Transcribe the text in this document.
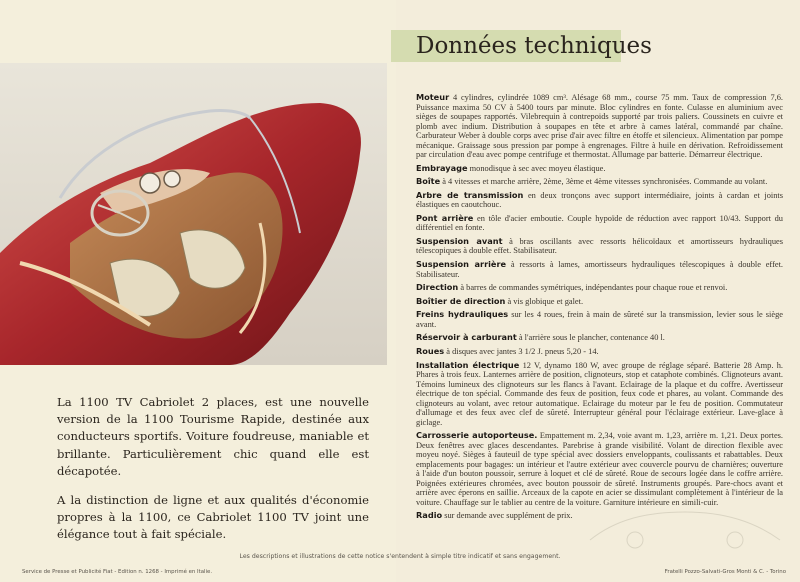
La 1100 TV Cabriolet 2 places, est une nouvelle version de la 1100 Tourisme Rapide, destinée aux conducteurs sportifs. Voiture foudreuse, maniable et brillante. Particulièrement chic quand elle est décapotée.

A la distinction de ligne et aux qualités d'économie propres à la 1100, ce Cabriolet 1100 TV joint une élégance tout à fait spéciale.

Données techniques

Moteur 4 cylindres, cylindrée 1089 cm³. Alésage 68 mm., course 75 mm. Taux de compression 7,6. Puissance maxima 50 CV à 5400 tours par minute. Bloc cylindres en fonte. Culasse en aluminium avec sièges de soupapes rapportés. Vilebrequin à contrepoids supporté par trois paliers. Coussinets en cuivre et plomb avec indium. Distribution à soupapes en tête et arbre à cames latéral, commandé par chaîne. Carburateur Weber à double corps avec prise d'air avec filtre en étoffe et silencieux. Alimentation par pompe mécanique. Graissage sous pression par pompe à engrenages. Filtre à huile en dérivation. Refroidissement par circulation d'eau avec pompe centrifuge et thermostat. Allumage par batterie. Démarreur électrique.

Embrayage monodisque à sec avec moyeu élastique.

Boîte à 4 vitesses et marche arrière, 2ème, 3ème et 4ème vitesses synchronisées. Commande au volant.

Arbre de transmission en deux tronçons avec support intermédiaire, joints à cardan et joints élastiques en caoutchouc.

Pont arrière en tôle d'acier emboutie. Couple hypoïde de réduction avec rapport 10/43. Support du différentiel en fonte.

Suspension avant à bras oscillants avec ressorts hélicoïdaux et amortisseurs hydrauliques télescopiques à double effet. Stabilisateur.

Suspension arrière à ressorts à lames, amortisseurs hydrauliques télescopiques à double effet. Stabilisateur.

Direction à barres de commandes symétriques, indépendantes pour chaque roue et renvoi.

Boîtier de direction à vis globique et galet.

Freins hydrauliques sur les 4 roues, frein à main de sûreté sur la transmission, levier sous le siège avant.

Réservoir à carburant à l'arrière sous le plancher, contenance 40 l.

Roues à disques avec jantes 3 1/2 J. pneus 5,20 - 14.

Installation électrique 12 V, dynamo 180 W, avec groupe de réglage séparé. Batterie 28 Amp. h. Phares à trois feux. Lanternes arrière de position, clignoteurs, stop et cataphote combinés. Clignoteurs avant. Témoins lumineux des clignoteurs sur les flancs à l'avant. Eclairage de la plaque et du coffre. Avertisseur électrique de ton spécial. Commande des feux de position, feux code et phares, au volant. Commande des clignoteurs au volant, avec retour automatique. Eclairage du moteur par le feu de position. Commutateur d'allumage et des feux avec clef de sûreté. Interrupteur général pour l'éclairage extérieur. Lave-glace à giclage.

Carrosserie autoporteuse. Empattement m. 2,34, voie avant m. 1,23, arrière m. 1,21. Deux portes. Deux fenêtres avec glaces descendantes. Parebrise à grande visibilité. Volant de direction flexible avec moyeu noyé. Sièges à fauteuil de type spécial avec dossiers enveloppants, coulissants et rabattables. Deux emplacements pour bagages: un intérieur et l'autre extérieur avec couvercle pourvu de charnières; ouverture à l'aide d'un bouton poussoir, serrure à loquet et clé de sûreté. Roue de secours logée dans le coffre arrière. Poignées extérieures chromées, avec bouton poussoir de sûreté. Instruments groupés. Pare-chocs avant et arrière avec éperons en saillie. Arceaux de la capote en acier se dissimulant complètement à l'intérieur de la voiture. Chauffage sur le tablier au centre de la voiture. Garniture intérieure en simili-cuir.

Radio sur demande avec supplément de prix.

Les descriptions et illustrations de cette notice s'entendent à simple titre indicatif et sans engagement.
Service de Presse et Publicité Fiat - Edition n. 1268 - Imprimé en Italie.	Fratelli Pozzo-Salvati-Gros Monti & C. - Torino
